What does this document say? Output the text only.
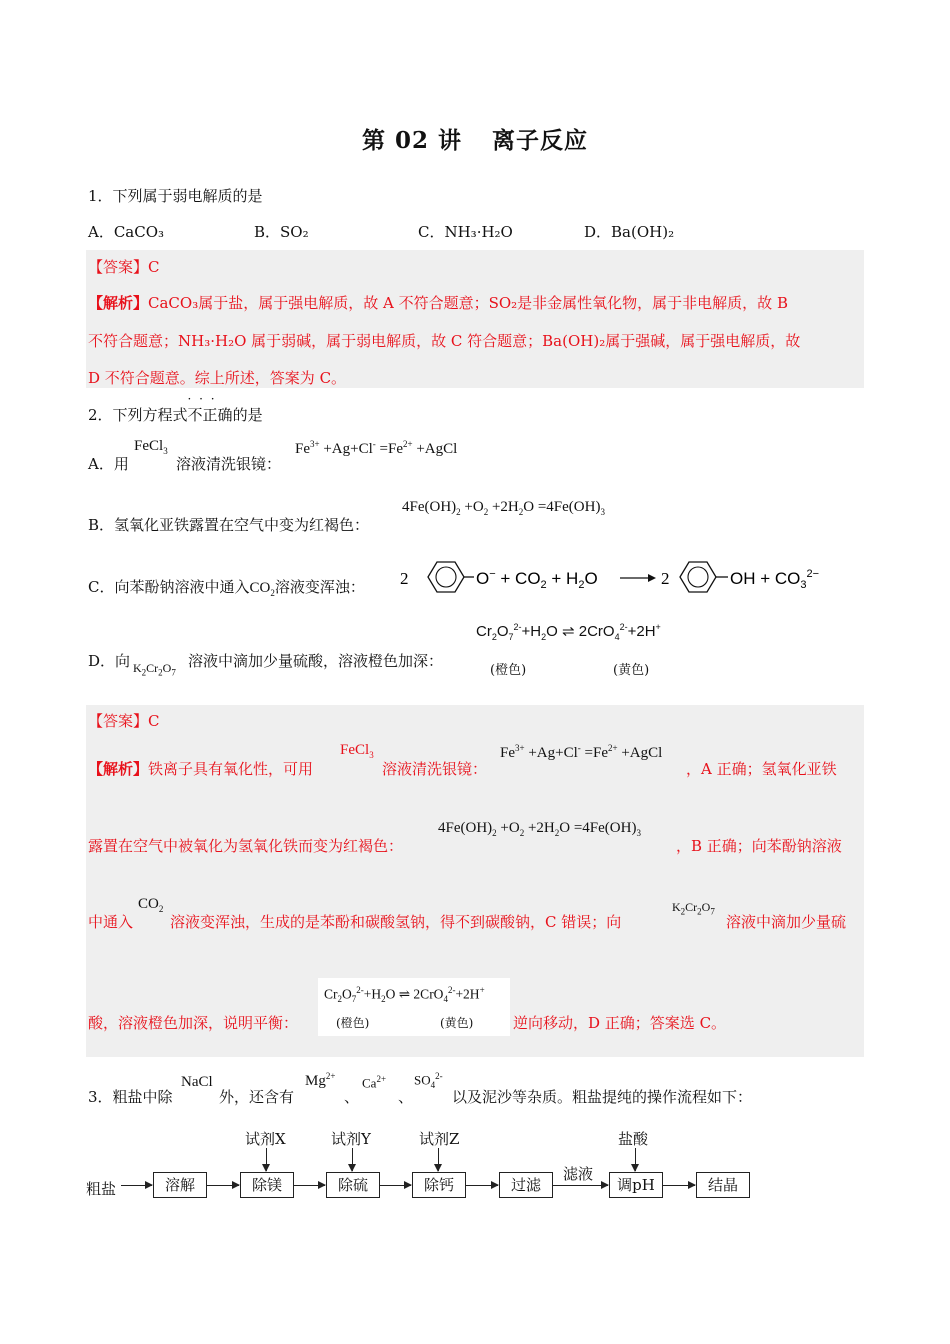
第 02 讲 离子反应
1．下列属于弱电解质的是
A．CaCO₃	B．SO₂	C．NH₃·H₂O	D．Ba(OH)₂
【答案】C
【解析】CaCO₃属于盐，属于强电解质，故 A 不符合题意；SO₂是非金属性氧化物，属于非电解质，故 B
不符合题意；NH₃·H₂O 属于弱碱，属于弱电解质，故 C 符合题意；Ba(OH)₂属于强碱，属于强电解质，故
D 不符合题意。综上所述，答案为 C。
2．下列方程式不正确 · · ·的是
A．用
FeCl$_3$
溶液清洗银镜：
$Fe^{3+} +Ag+Cl^- =Fe^{2+}$ +AgCl
B．氢氧化亚铁露置在空气中变为红褐色：
$4Fe(OH)_2 +O_2 +2H_2O =4Fe(OH)_3$
C．向苯酚钠溶液中通入$CO_2$溶液变浑浊： 2	$O^- + CO_2 + H_2O$	2	OH + $CO_3^{2-}$
D．向 $K_2Cr_2O_7$
溶液中滴加少量硫酸，溶液橙色加深：
$Cr_2O_7^{2-}+H_2O$ ⇌ 2CrO$_4^{2-}$+2H+
(橙色)	(黄色)
【答案】C
【解析】铁离子具有氧化性，可用
FeCl$_3$
溶液清洗银镜：
$Fe^{3+} +Ag+Cl^- =Fe^{2+}$ +AgCl
，A 正确；氢氧化亚铁
露置在空气中被氧化为氢氧化铁而变为红褐色：
$4Fe(OH)_2 +O_2 +2H_2O =4Fe(OH)_3$
，B 正确；向苯酚钠溶液
中通入
$CO_2$
溶液变浑浊，生成的是苯酚和碳酸氢钠，得不到碳酸钠，C 错误；向
$K_2Cr_2O_7$
溶液中滴加少量硫
酸，溶液橙色加深，说明平衡：
$Cr_2O_7^{2-}+H_2O$ ⇌ 2CrO$_4^{2-}$+2H+
(橙色)	(黄色)	逆向移动，D 正确；答案选 C。
3．粗盐中除
NaCl
外，还含有
$Mg^{2+}$
、
$Ca^{2+}$
、
$SO_4^{2-}$
以及泥沙等杂质。粗盐提纯的操作流程如下：
粗盐	溶解	除镁	除硫	除钙	过滤
滤液
调pH	结晶
试剂X	试剂Y	试剂Z	盐酸
